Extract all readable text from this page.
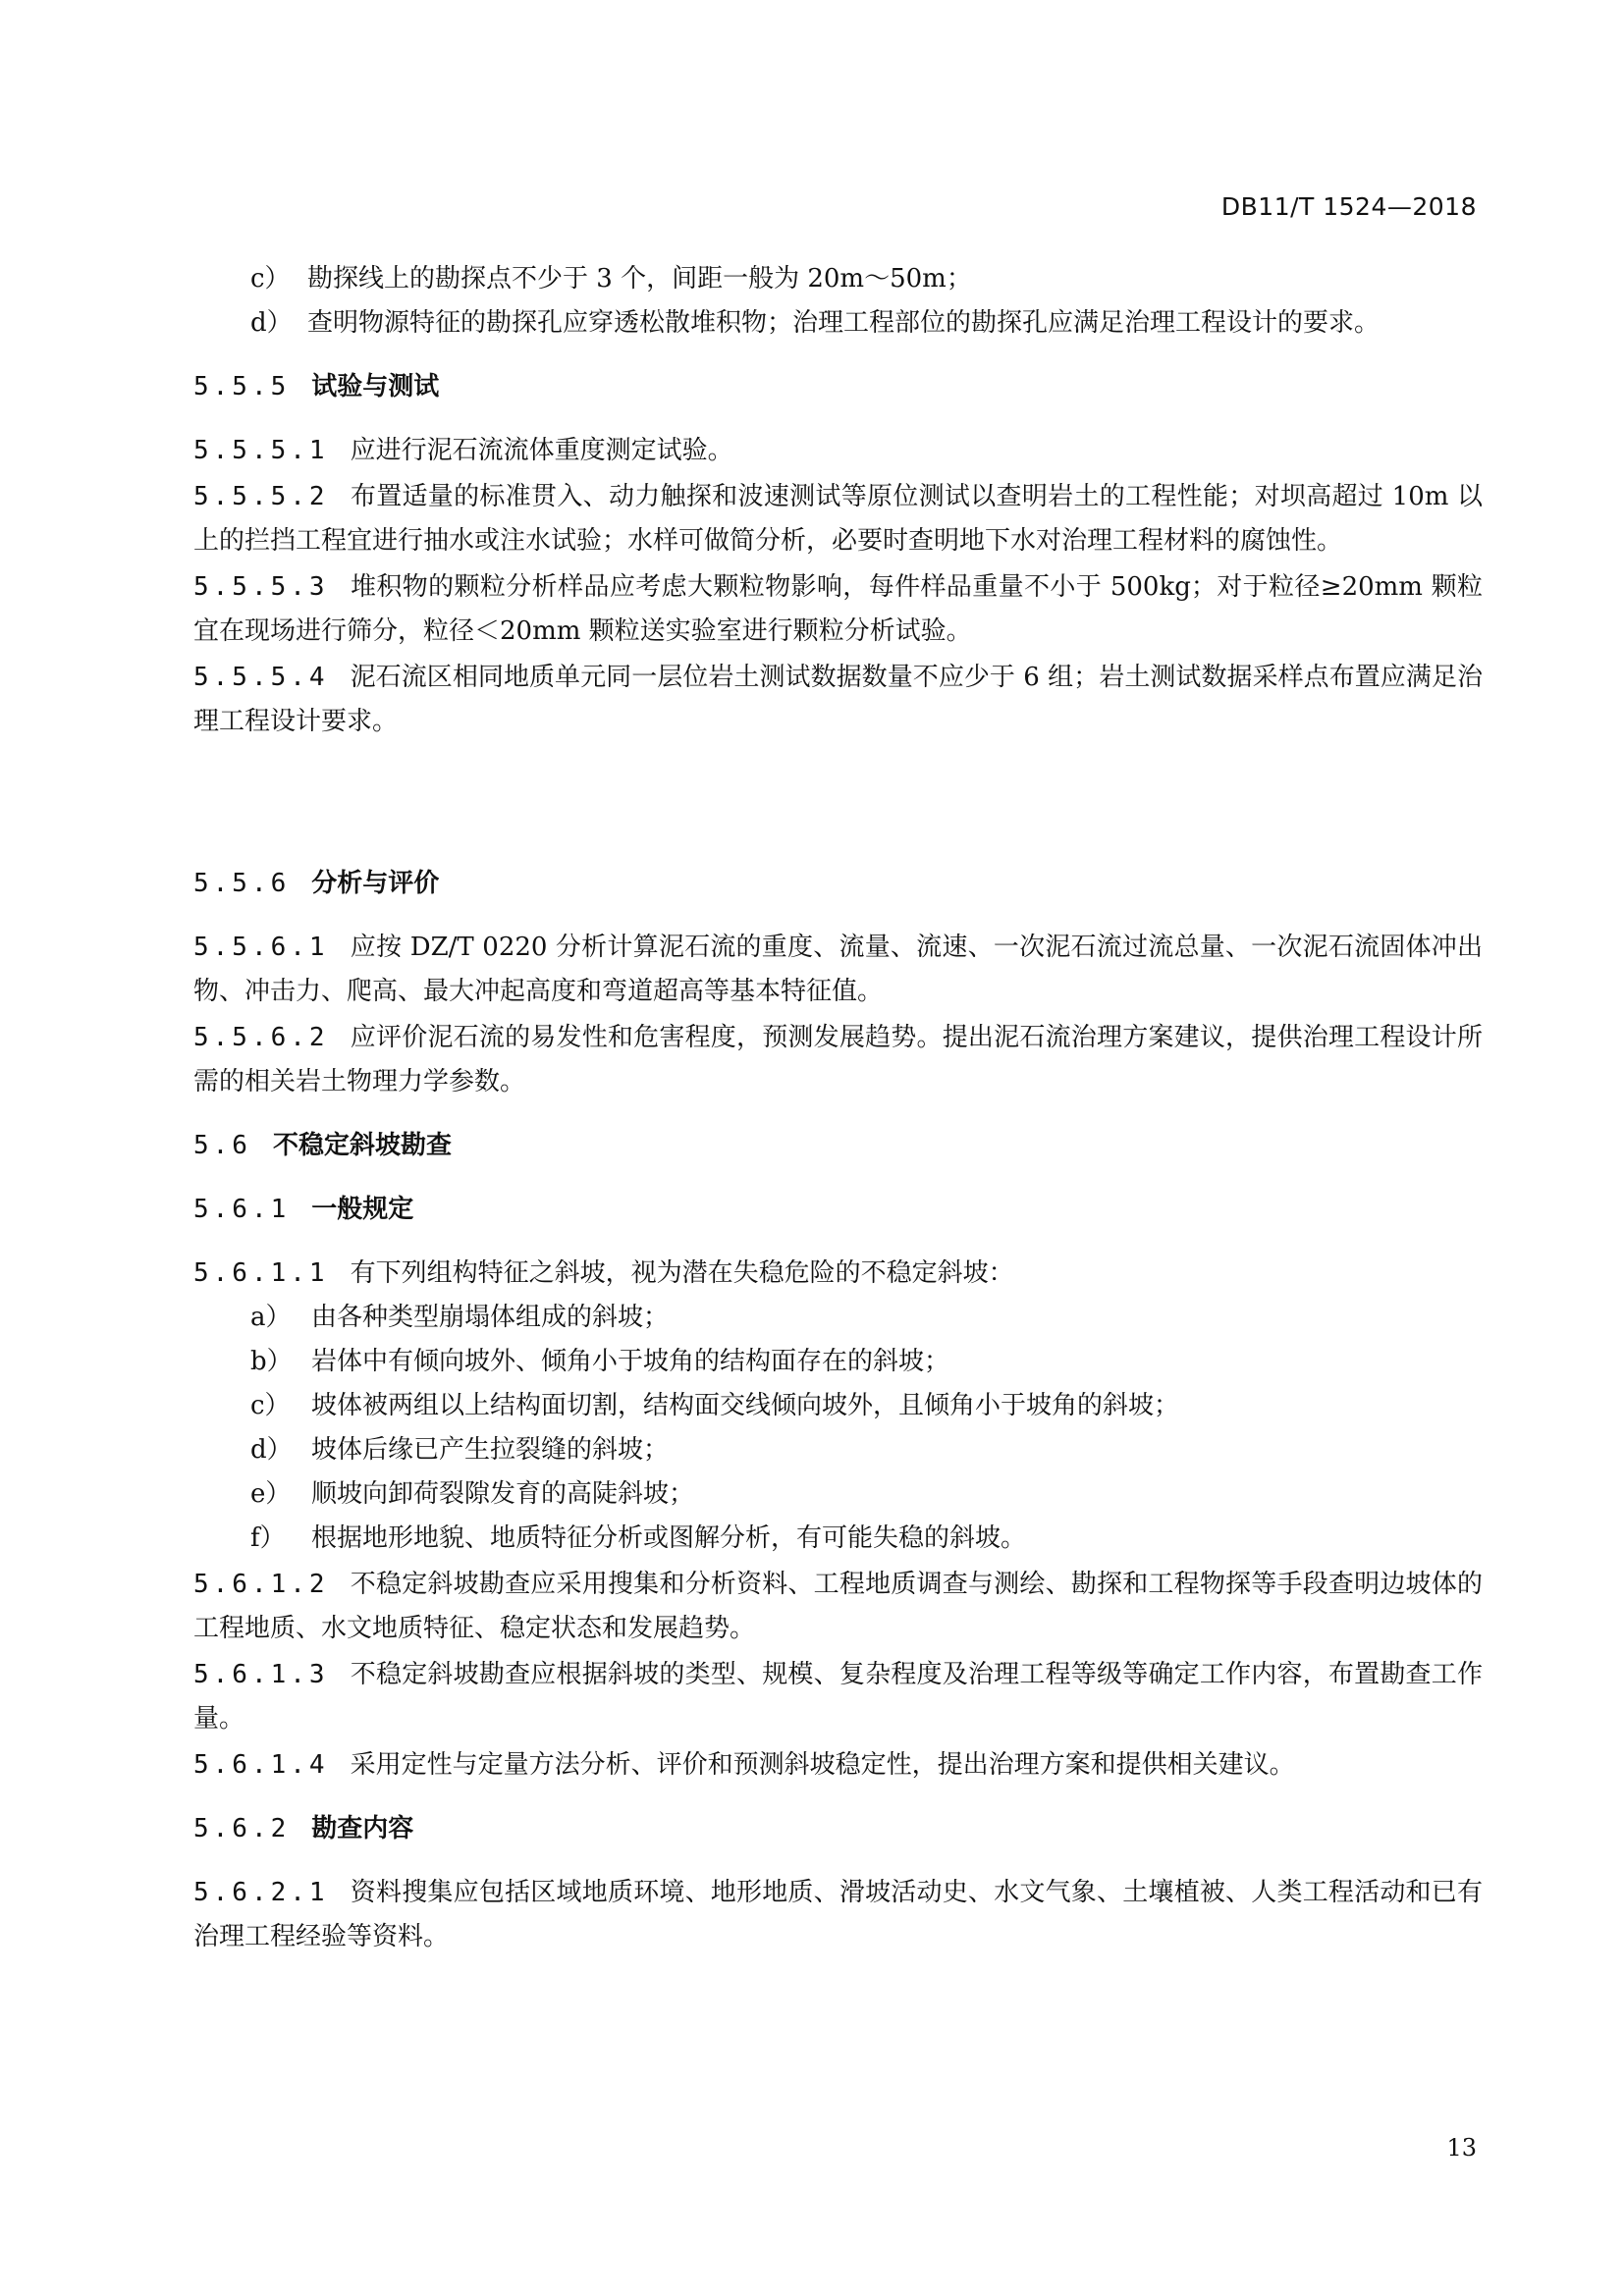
DB11/T 1524—2018

c） 勘探线上的勘探点不少于 3 个，间距一般为 20m～50m；

d） 查明物源特征的勘探孔应穿透松散堆积物；治理工程部位的勘探孔应满足治理工程设计的要求。

5.5.5 试验与测试

5.5.5.1 应进行泥石流流体重度测定试验。

5.5.5.2 布置适量的标准贯入、动力触探和波速测试等原位测试以查明岩土的工程性能；对坝高超过 10m 以上的拦挡工程宜进行抽水或注水试验；水样可做简分析，必要时查明地下水对治理工程材料的腐蚀性。

5.5.5.3 堆积物的颗粒分析样品应考虑大颗粒物影响，每件样品重量不小于 500kg；对于粒径≥20mm 颗粒宜在现场进行筛分，粒径＜20mm 颗粒送实验室进行颗粒分析试验。

5.5.5.4 泥石流区相同地质单元同一层位岩土测试数据数量不应少于 6 组；岩土测试数据采样点布置应满足治理工程设计要求。

5.5.6 分析与评价

5.5.6.1 应按 DZ/T 0220 分析计算泥石流的重度、流量、流速、一次泥石流过流总量、一次泥石流固体冲出物、冲击力、爬高、最大冲起高度和弯道超高等基本特征值。

5.5.6.2 应评价泥石流的易发性和危害程度，预测发展趋势。提出泥石流治理方案建议，提供治理工程设计所需的相关岩土物理力学参数。

5.6 不稳定斜坡勘查

5.6.1 一般规定

5.6.1.1 有下列组构特征之斜坡，视为潜在失稳危险的不稳定斜坡：

a） 由各种类型崩塌体组成的斜坡；

b） 岩体中有倾向坡外、倾角小于坡角的结构面存在的斜坡；

c） 坡体被两组以上结构面切割，结构面交线倾向坡外，且倾角小于坡角的斜坡；

d） 坡体后缘已产生拉裂缝的斜坡；

e） 顺坡向卸荷裂隙发育的高陡斜坡；

f） 根据地形地貌、地质特征分析或图解分析，有可能失稳的斜坡。

5.6.1.2 不稳定斜坡勘查应采用搜集和分析资料、工程地质调查与测绘、勘探和工程物探等手段查明边坡体的工程地质、水文地质特征、稳定状态和发展趋势。

5.6.1.3 不稳定斜坡勘查应根据斜坡的类型、规模、复杂程度及治理工程等级等确定工作内容，布置勘查工作量。

5.6.1.4 采用定性与定量方法分析、评价和预测斜坡稳定性，提出治理方案和提供相关建议。

5.6.2 勘查内容

5.6.2.1 资料搜集应包括区域地质环境、地形地质、滑坡活动史、水文气象、土壤植被、人类工程活动和已有治理工程经验等资料。

13
